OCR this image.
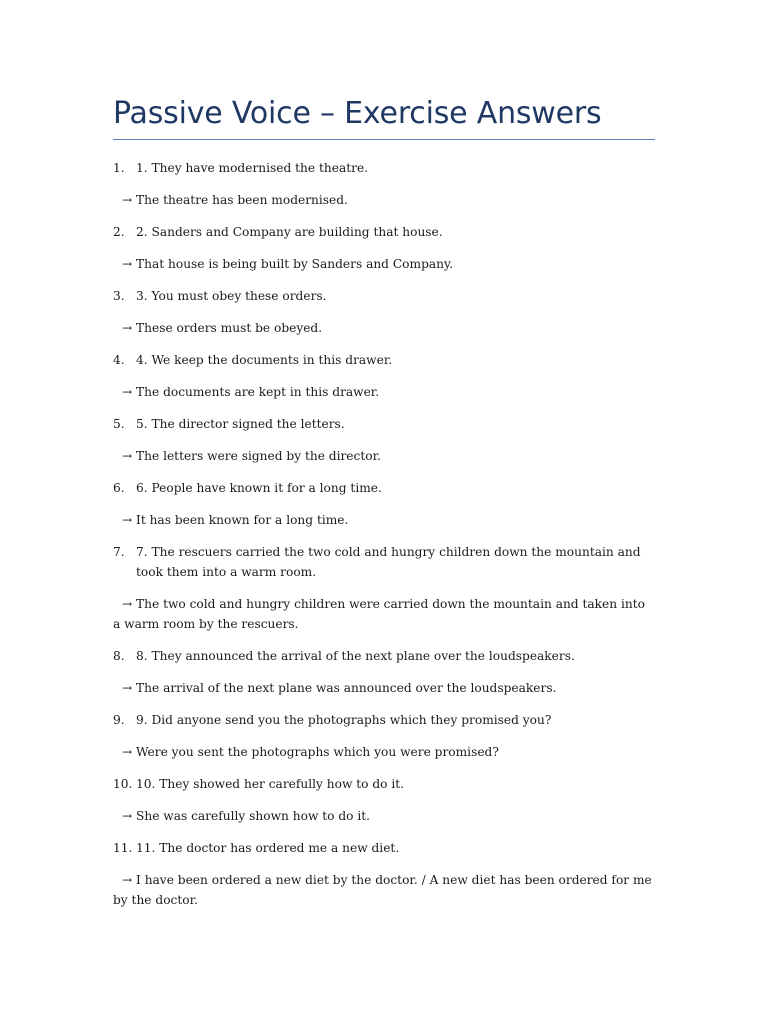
Passive Voice – Exercise Answers
1. 1. They have modernised the theatre.
→ The theatre has been modernised.
2. 2. Sanders and Company are building that house.
→ That house is being built by Sanders and Company.
3. 3. You must obey these orders.
→ These orders must be obeyed.
4. 4. We keep the documents in this drawer.
→ The documents are kept in this drawer.
5. 5. The director signed the letters.
→ The letters were signed by the director.
6. 6. People have known it for a long time.
→ It has been known for a long time.
7. 7. The rescuers carried the two cold and hungry children down the mountain and took them into a warm room.
→ The two cold and hungry children were carried down the mountain and taken into a warm room by the rescuers.
8. 8. They announced the arrival of the next plane over the loudspeakers.
→ The arrival of the next plane was announced over the loudspeakers.
9. 9. Did anyone send you the photographs which they promised you?
→ Were you sent the photographs which you were promised?
10. 10. They showed her carefully how to do it.
→ She was carefully shown how to do it.
11. 11. The doctor has ordered me a new diet.
→ I have been ordered a new diet by the doctor. / A new diet has been ordered for me by the doctor.
